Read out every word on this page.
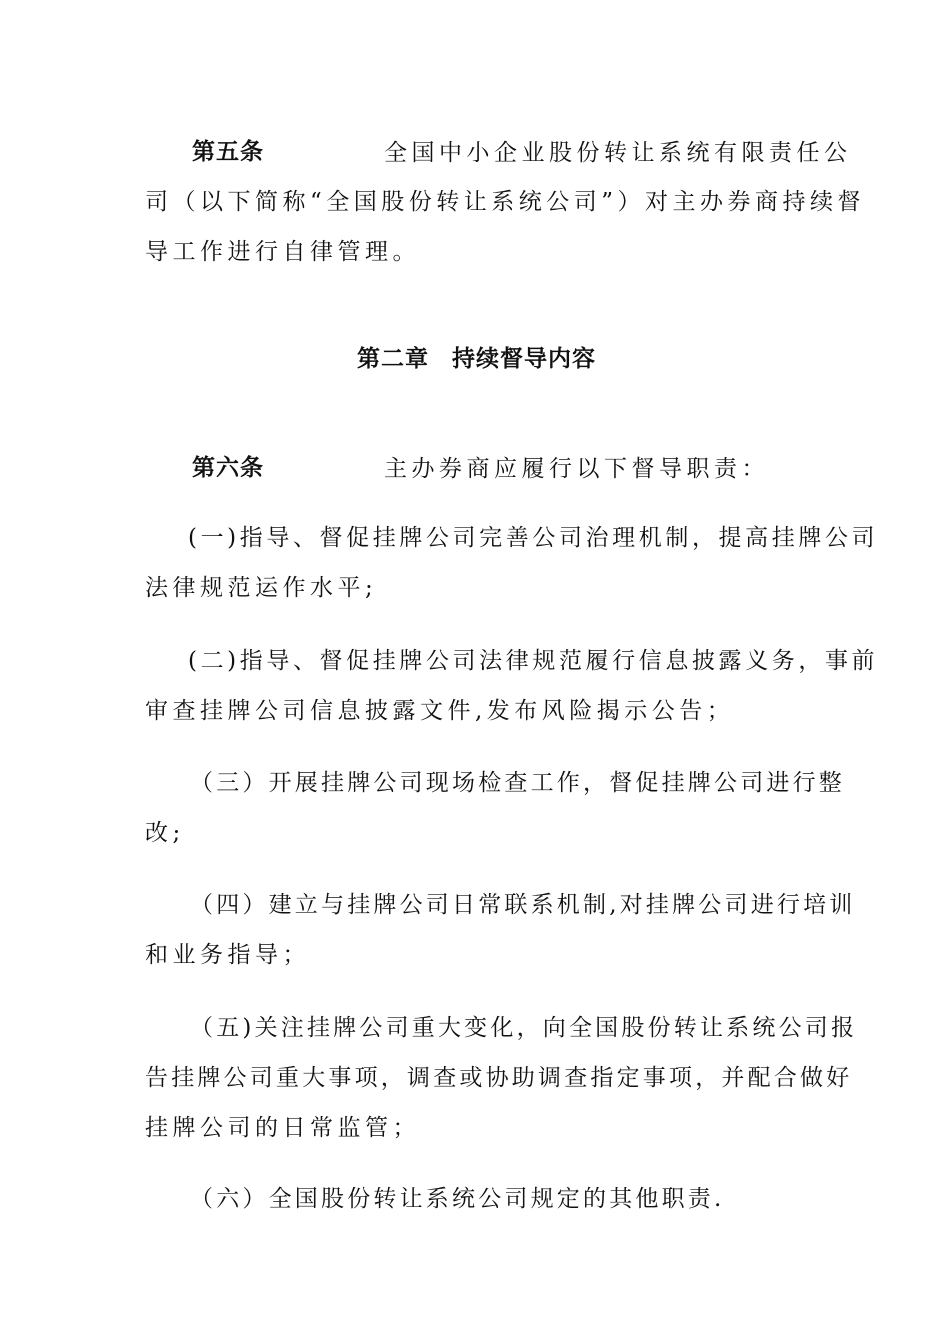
第五条	全国中小企业股份转让系统有限责任公
司（以下简称“全国股份转让系统公司”）对主办券商持续督
导工作进行自律管理。
第二章 持续督导内容
第六条	主办券商应履行以下督导职责：
(一)指导、督促挂牌公司完善公司治理机制，提高挂牌公司
法律规范运作水平;
(二)指导、督促挂牌公司法律规范履行信息披露义务，事前
审查挂牌公司信息披露文件,发布风险揭示公告；
（三）开展挂牌公司现场检查工作，督促挂牌公司进行整
改;
（四）建立与挂牌公司日常联系机制,对挂牌公司进行培训
和业务指导；
（五)关注挂牌公司重大变化，向全国股份转让系统公司报
告挂牌公司重大事项，调查或协助调查指定事项，并配合做好
挂牌公司的日常监管；
（六）全国股份转让系统公司规定的其他职责.
